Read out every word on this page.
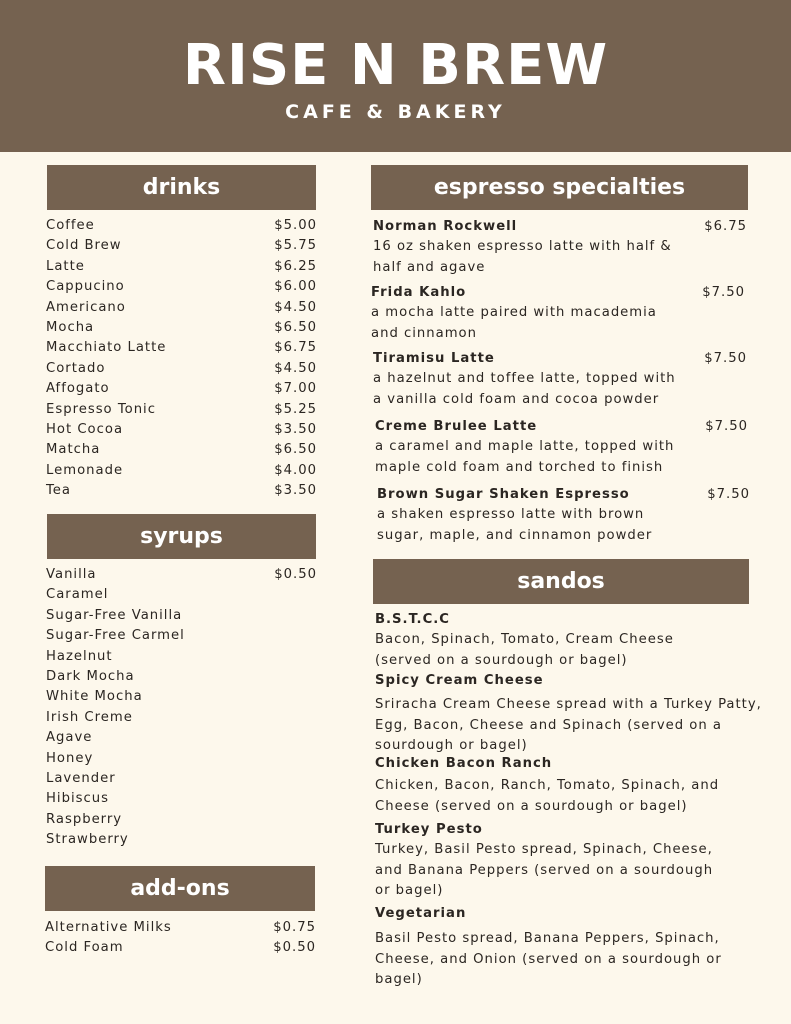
RISE N BREW
CAFE & BAKERY
drinks
syrups
add-ons
espresso specialties
sandos
Coffee	$5.00
Cold Brew	$5.75
Latte	$6.25
Cappucino	$6.00
Americano	$4.50
Mocha	$6.50
Macchiato Latte	$6.75
Cortado	$4.50
Affogato	$7.00
Espresso Tonic	$5.25
Hot Cocoa	$3.50
Matcha	$6.50
Lemonade	$4.00
Tea	$3.50
Vanilla	$0.50
Caramel
Sugar-Free Vanilla
Sugar-Free Carmel
Hazelnut
Dark Mocha
White Mocha
Irish Creme
Agave
Honey
Lavender
Hibiscus
Raspberry
Strawberry
Alternative Milks	$0.75
Cold Foam	$0.50
Norman Rockwell	$6.75
16 oz shaken espresso latte with half &
half and agave
Frida Kahlo	$7.50
a mocha latte paired with macademia
and cinnamon
Tiramisu Latte	$7.50
a hazelnut and toffee latte, topped with
a vanilla cold foam and cocoa powder
Creme Brulee Latte	$7.50
a caramel and maple latte, topped with
maple cold foam and torched to finish
Brown Sugar Shaken Espresso	$7.50
a shaken espresso latte with brown
sugar, maple, and cinnamon powder
B.S.T.C.C
Bacon, Spinach, Tomato, Cream Cheese
(served on a sourdough or bagel)
Spicy Cream Cheese
Sriracha Cream Cheese spread with a Turkey Patty,
Egg, Bacon, Cheese and Spinach (served on a
sourdough or bagel)
Chicken Bacon Ranch
Chicken, Bacon, Ranch, Tomato, Spinach, and
Cheese (served on a sourdough or bagel)
Turkey Pesto
Turkey, Basil Pesto spread, Spinach, Cheese,
and Banana Peppers (served on a sourdough
or bagel)
Vegetarian
Basil Pesto spread, Banana Peppers, Spinach,
Cheese, and Onion (served on a sourdough or
bagel)
